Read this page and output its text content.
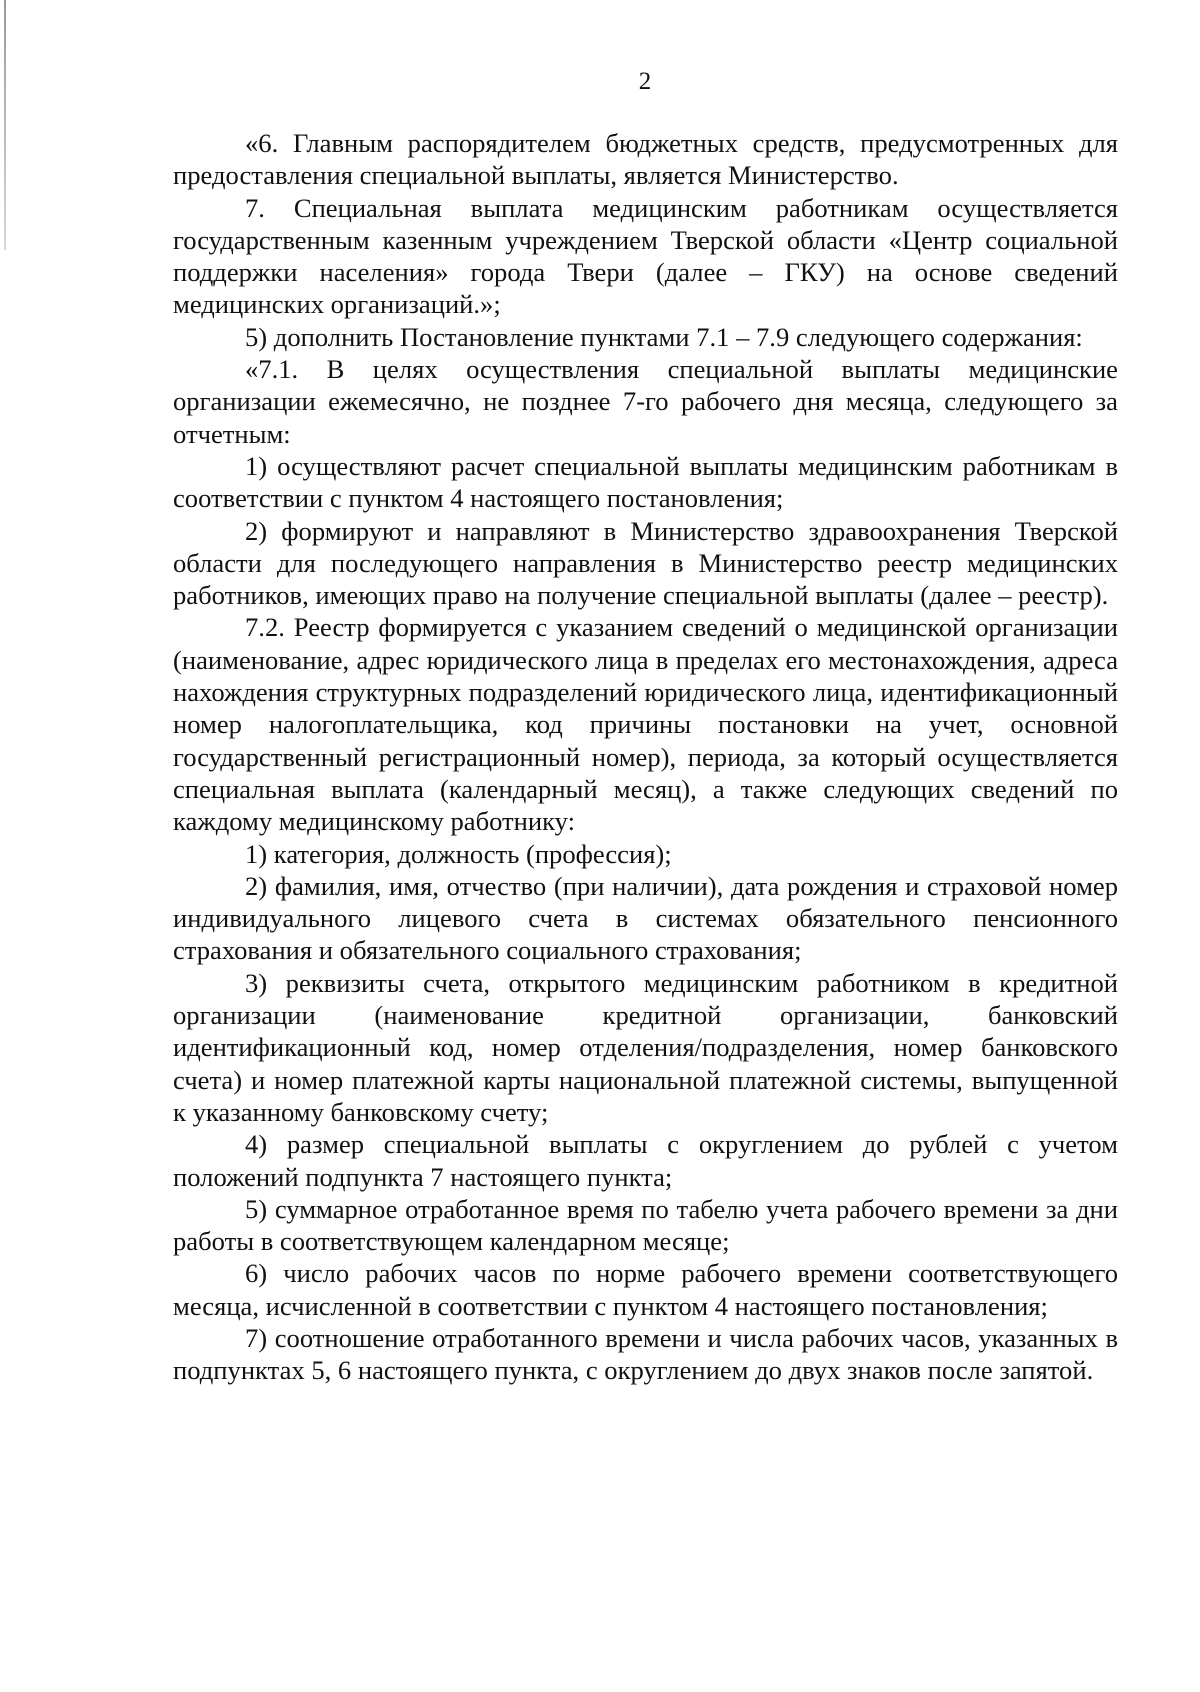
2

«6. Главным распорядителем бюджетных средств, предусмотренных для предоставления специальной выплаты, является Министерство.

7. Специальная выплата медицинским работникам осуществляется государственным казенным учреждением Тверской области «Центр социальной поддержки населения» города Твери (далее – ГКУ) на основе сведений медицинских организаций.»;

5) дополнить Постановление пунктами 7.1 – 7.9 следующего содержания:

«7.1. В целях осуществления специальной выплаты медицинские организации ежемесячно, не позднее 7-го рабочего дня месяца, следующего за отчетным:

1) осуществляют расчет специальной выплаты медицинским работникам в соответствии с пунктом 4 настоящего постановления;

2) формируют и направляют в Министерство здравоохранения Тверской области для последующего направления в Министерство реестр медицинских работников, имеющих право на получение специальной выплаты (далее – реестр).

7.2. Реестр формируется с указанием сведений о медицинской организации (наименование, адрес юридического лица в пределах его местонахождения, адреса нахождения структурных подразделений юридического лица, идентификационный номер налогоплательщика, код причины постановки на учет, основной государственный регистрационный номер), периода, за который осуществляется специальная выплата (календарный месяц), а также следующих сведений по каждому медицинскому работнику:

1) категория, должность (профессия);

2) фамилия, имя, отчество (при наличии), дата рождения и страховой номер индивидуального лицевого счета в системах обязательного пенсионного страхования и обязательного социального страхования;

3) реквизиты счета, открытого медицинским работником в кредитной организации (наименование кредитной организации, банковский идентификационный код, номер отделения/подразделения, номер банковского счета) и номер платежной карты национальной платежной системы, выпущенной к указанному банковскому счету;

4) размер специальной выплаты с округлением до рублей с учетом положений подпункта 7 настоящего пункта;

5) суммарное отработанное время по табелю учета рабочего времени за дни работы в соответствующем календарном месяце;

6) число рабочих часов по норме рабочего времени соответствующего месяца, исчисленной в соответствии с пунктом 4 настоящего постановления;

7) соотношение отработанного времени и числа рабочих часов, указанных в подпунктах 5, 6 настоящего пункта, с округлением до двух знаков после запятой.
